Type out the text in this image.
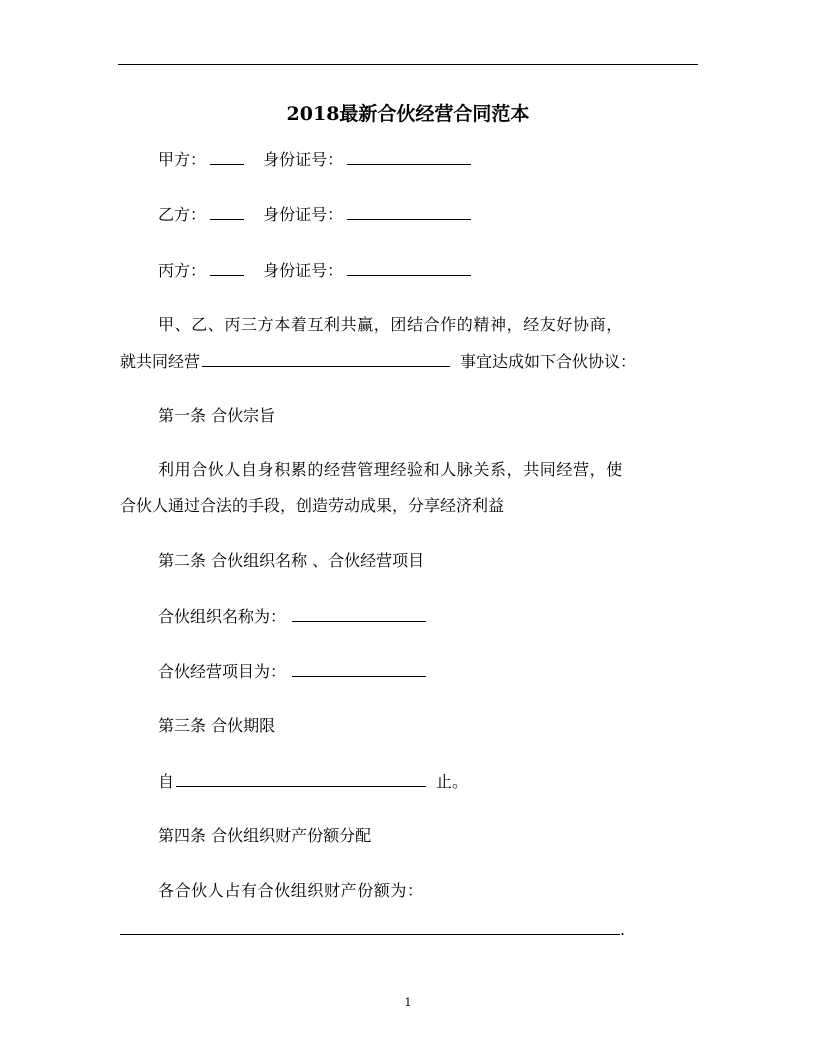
2018最新合伙经营合同范本
甲方：	身份证号：
乙方：	身份证号：
丙方：	身份证号：
甲、乙、丙三方本着互利共赢，团结合作的精神，经友好协商，
就共同经营	事宜达成如下合伙协议：
第一条 合伙宗旨
利用合伙人自身积累的经营管理经验和人脉关系，共同经营，使
合伙人通过合法的手段，创造劳动成果，分享经济利益
第二条 合伙组织名称 、合伙经营项目
合伙组织名称为：
合伙经营项目为：
第三条 合伙期限
自	止。
第四条 合伙组织财产份额分配
各合伙人占有合伙组织财产份额为：
.
1
